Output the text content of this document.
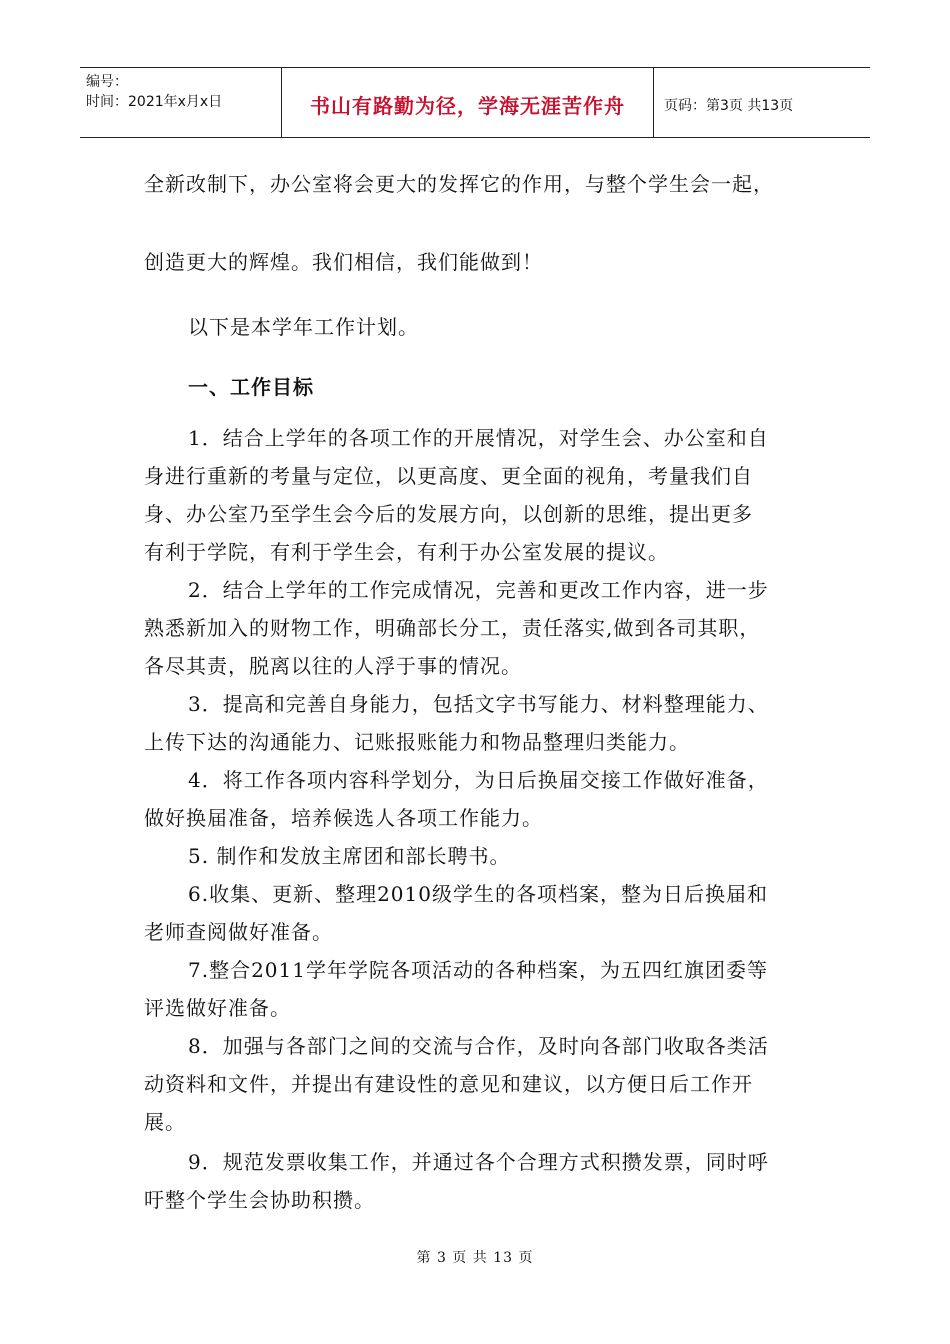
编号：
时间：2021年x月x日	书山有路勤为径，学海无涯苦作舟	页码：第3页 共13页
全新改制下，办公室将会更大的发挥它的作用，与整个学生会一起，
创造更大的辉煌。我们相信，我们能做到！
以下是本学年工作计划。
一、工作目标
1．结合上学年的各项工作的开展情况，对学生会、办公室和自
身进行重新的考量与定位，以更高度、更全面的视角，考量我们自
身、办公室乃至学生会今后的发展方向，以创新的思维，提出更多
有利于学院，有利于学生会，有利于办公室发展的提议。
2．结合上学年的工作完成情况，完善和更改工作内容，进一步
熟悉新加入的财物工作，明确部长分工，责任落实,做到各司其职，
各尽其责，脱离以往的人浮于事的情况。
3．提高和完善自身能力，包括文字书写能力、材料整理能力、
上传下达的沟通能力、记账报账能力和物品整理归类能力。
4．将工作各项内容科学划分，为日后换届交接工作做好准备，
做好换届准备，培养候选人各项工作能力。
5. 制作和发放主席团和部长聘书。
6.收集、更新、整理2010级学生的各项档案，整为日后换届和
老师查阅做好准备。
7.整合2011学年学院各项活动的各种档案，为五四红旗团委等
评选做好准备。
8．加强与各部门之间的交流与合作，及时向各部门收取各类活
动资料和文件，并提出有建设性的意见和建议，以方便日后工作开
展。
9．规范发票收集工作，并通过各个合理方式积攒发票，同时呼
吁整个学生会协助积攒。
第 3 页 共 13 页
